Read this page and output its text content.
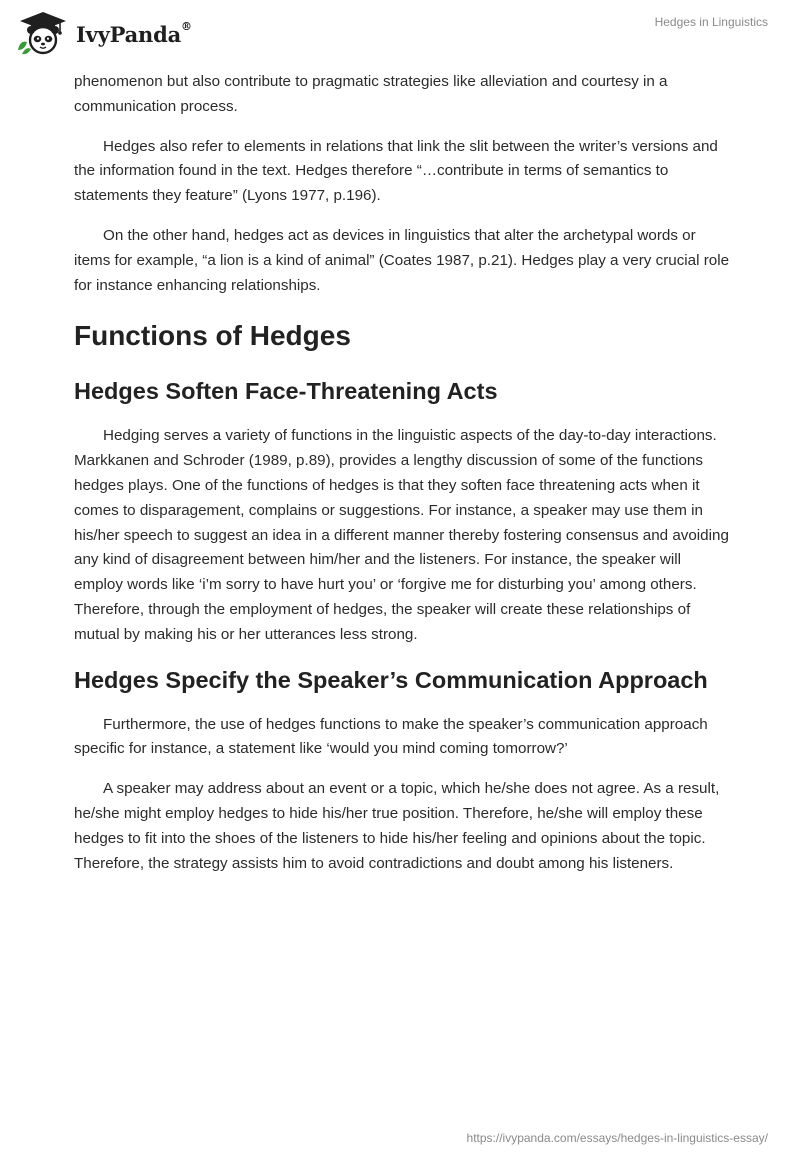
IvyPanda®	Hedges in Linguistics

phenomenon but also contribute to pragmatic strategies like alleviation and courtesy in a communication process.

Hedges also refer to elements in relations that link the slit between the writer’s versions and the information found in the text. Hedges therefore “…contribute in terms of semantics to statements they feature” (Lyons 1977, p.196).

On the other hand, hedges act as devices in linguistics that alter the archetypal words or items for example, “a lion is a kind of animal” (Coates 1987, p.21). Hedges play a very crucial role for instance enhancing relationships.

Functions of Hedges
Hedges Soften Face-Threatening Acts

Hedging serves a variety of functions in the linguistic aspects of the day-to-day interactions. Markkanen and Schroder (1989, p.89), provides a lengthy discussion of some of the functions hedges plays. One of the functions of hedges is that they soften face threatening acts when it comes to disparagement, complains or suggestions. For instance, a speaker may use them in his/her speech to suggest an idea in a different manner thereby fostering consensus and avoiding any kind of disagreement between him/her and the listeners. For instance, the speaker will employ words like ‘i’m sorry to have hurt you’ or ‘forgive me for disturbing you’ among others. Therefore, through the employment of hedges, the speaker will create these relationships of mutual by making his or her utterances less strong.

Hedges Specify the Speaker’s Communication Approach

Furthermore, the use of hedges functions to make the speaker’s communication approach specific for instance, a statement like ‘would you mind coming tomorrow?’

A speaker may address about an event or a topic, which he/she does not agree. As a result, he/she might employ hedges to hide his/her true position. Therefore, he/she will employ these hedges to fit into the shoes of the listeners to hide his/her feeling and opinions about the topic. Therefore, the strategy assists him to avoid contradictions and doubt among his listeners.

https://ivypanda.com/essays/hedges-in-linguistics-essay/
